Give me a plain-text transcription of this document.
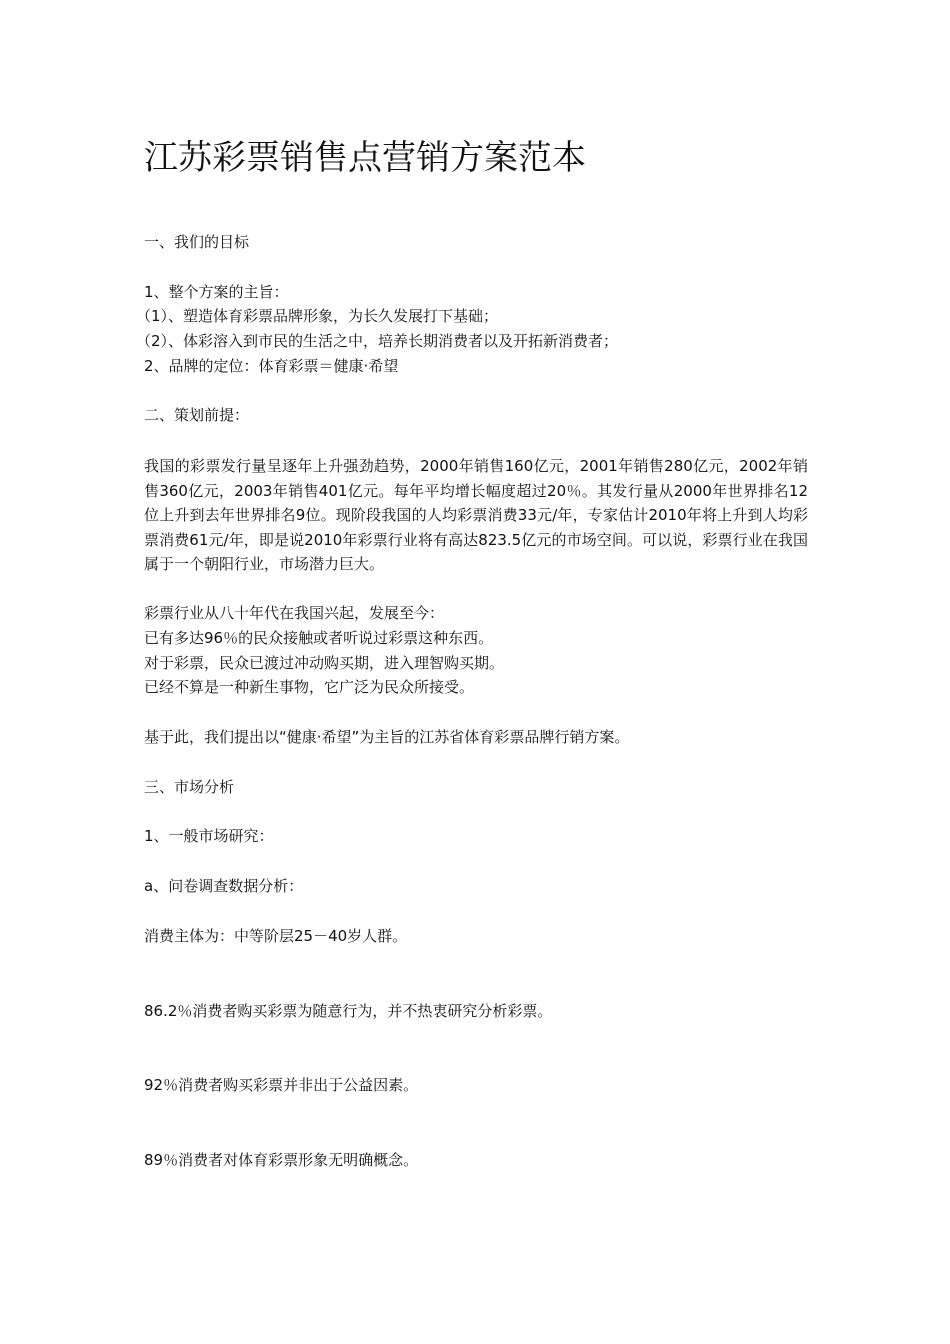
江苏彩票销售点营销方案范本
一、我们的目标
1、整个方案的主旨：
（1）、塑造体育彩票品牌形象，为长久发展打下基础；
（2）、体彩溶入到市民的生活之中，培养长期消费者以及开拓新消费者；
2、品牌的定位：体育彩票＝健康·希望
二、策划前提：
我国的彩票发行量呈逐年上升强劲趋势，2000年销售160亿元，2001年销售280亿元，2002年销售360亿元，2003年销售401亿元。每年平均增长幅度超过20％。其发行量从2000年世界排名12位上升到去年世界排名9位。现阶段我国的人均彩票消费33元/年，专家估计2010年将上升到人均彩票消费61元/年，即是说2010年彩票行业将有高达823.5亿元的市场空间。可以说，彩票行业在我国属于一个朝阳行业，市场潜力巨大。
彩票行业从八十年代在我国兴起，发展至今：
已有多达96％的民众接触或者听说过彩票这种东西。
对于彩票，民众已渡过冲动购买期，进入理智购买期。
已经不算是一种新生事物，它广泛为民众所接受。
基于此，我们提出以“健康·希望”为主旨的江苏省体育彩票品牌行销方案。
三、市场分析
1、一般市场研究：
a、问卷调查数据分析：
消费主体为：中等阶层25－40岁人群。
86.2％消费者购买彩票为随意行为，并不热衷研究分析彩票。
92％消费者购买彩票并非出于公益因素。
89％消费者对体育彩票形象无明确概念。
